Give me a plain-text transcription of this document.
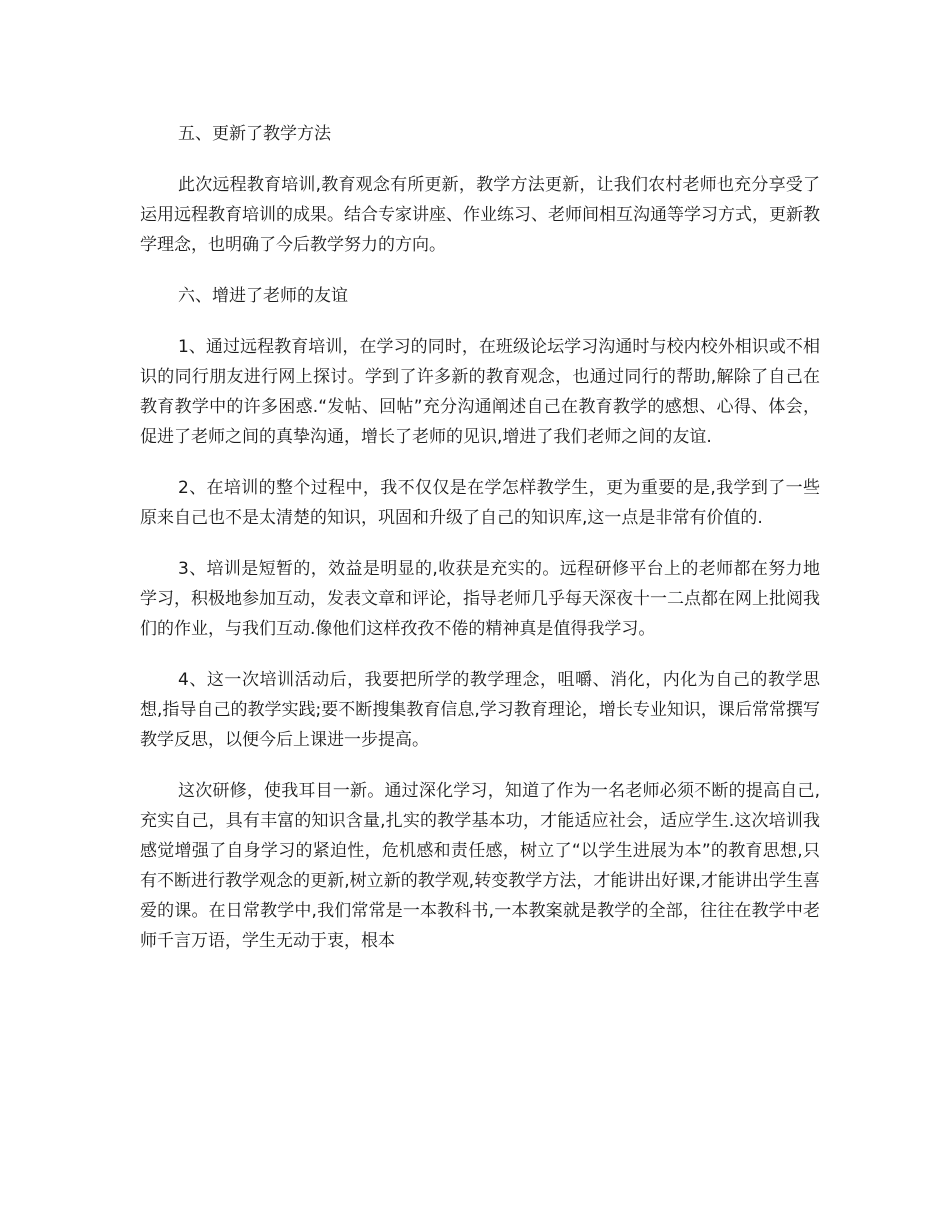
五、更新了教学方法

此次远程教育培训,教育观念有所更新，教学方法更新，让我们农村老师也充分享受了运用远程教育培训的成果。结合专家讲座、作业练习、老师间相互沟通等学习方式，更新教学理念，也明确了今后教学努力的方向。

六、增进了老师的友谊

1、通过远程教育培训，在学习的同时，在班级论坛学习沟通时与校内校外相识或不相识的同行朋友进行网上探讨。学到了许多新的教育观念，也通过同行的帮助,解除了自己在教育教学中的许多困惑.“发帖、回帖”充分沟通阐述自己在教育教学的感想、心得、体会，促进了老师之间的真挚沟通，增长了老师的见识,增进了我们老师之间的友谊.

2、在培训的整个过程中，我不仅仅是在学怎样教学生，更为重要的是,我学到了一些原来自己也不是太清楚的知识，巩固和升级了自己的知识库,这一点是非常有价值的.

3、培训是短暂的，效益是明显的,收获是充实的。远程研修平台上的老师都在努力地学习，积极地参加互动，发表文章和评论，指导老师几乎每天深夜十一二点都在网上批阅我们的作业，与我们互动.像他们这样孜孜不倦的精神真是值得我学习。

4、这一次培训活动后，我要把所学的教学理念，咀嚼、消化，内化为自己的教学思想,指导自己的教学实践;要不断搜集教育信息,学习教育理论，增长专业知识，课后常常撰写教学反思，以便今后上课进一步提高。

这次研修，使我耳目一新。通过深化学习，知道了作为一名老师必须不断的提高自己,充实自己，具有丰富的知识含量,扎实的教学基本功，才能适应社会，适应学生.这次培训我感觉增强了自身学习的紧迫性，危机感和责任感，树立了“以学生进展为本”的教育思想,只有不断进行教学观念的更新,树立新的教学观,转变教学方法，才能讲出好课,才能讲出学生喜爱的课。在日常教学中,我们常常是一本教科书,一本教案就是教学的全部，往往在教学中老师千言万语，学生无动于衷，根本
